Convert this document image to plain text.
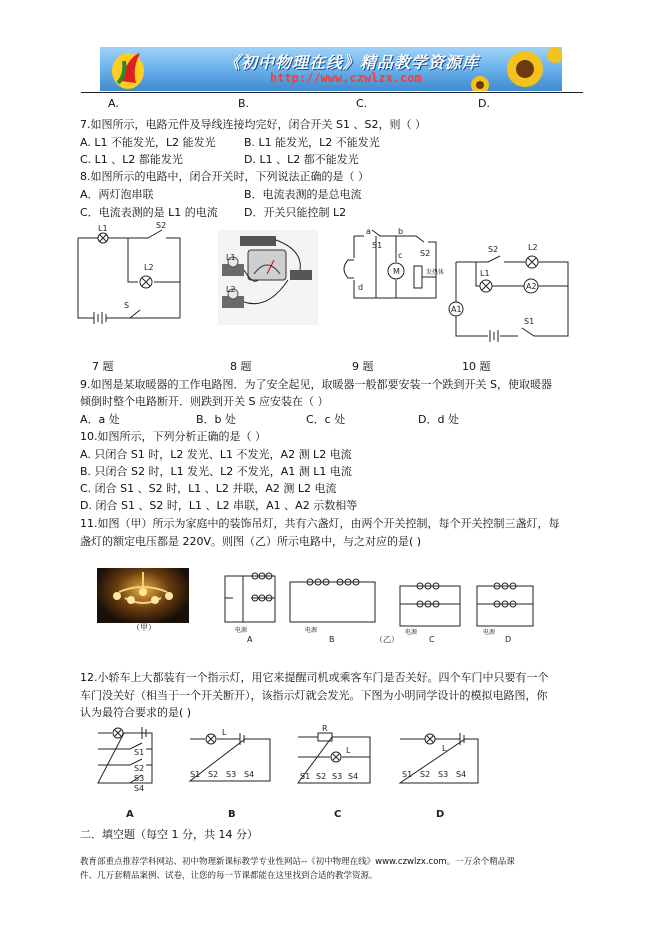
《初中物理在线》精品教学资源库
http://www.czwlzx.com
A.	B.	C.	D.
7.如图所示，电路元件及导线连接均完好，闭合开关 S1 、S2，则（ ）
A. L1 不能发光，L2 能发光	B. L1 能发光，L2 不能发光
C. L1 、L2 都能发光	D. L1 、L2 都不能发光
8.如图所示的电路中，闭合开关时，下列说法正确的是（ ）
A．两灯泡串联	B．电流表测的是总电流
C．电流表测的是 L1 的电流 D．开关只能控制 L2
L1
L2
S2
S
L1
L2
M
a	b
S1
S2
c
d
发热体
S2	L2
L1
A2
A1
S1
7 题	8 题	9 题	10 题
9.如图是某取暖器的工作电路图．为了安全起见，取暖器一般都要安装一个跌到开关 S，使取暖器
倾倒时整个电路断开．则跌到开关 S 应安装在（ ）
A．a 处	B．b 处	C．c 处	D．d 处
10.如图所示，下列分析正确的是（ ）
A. 只闭合 S1 时，L2 发光、L1 不发光，A2 测 L2 电流
B. 只闭合 S2 时，L1 发光、L2 不发光，A1 测 L1 电流
C. 闭合 S1 、S2 时，L1 、L2 并联，A2 测 L2 电流
D. 闭合 S1 、S2 时，L1 、L2 串联，A1 、A2 示数相等
11.如图（甲）所示为家庭中的装饰吊灯，共有六盏灯，由两个开关控制，每个开关控制三盏灯，每
盏灯的额定电压都是 220V。则图（乙）所示电路中，与之对应的是( )
（甲）	电源	电源	电源	电源
A	B	（乙）	C	D
12.小轿车上大都装有一个指示灯，用它来提醒司机或乘客车门是否关好。四个车门中只要有一个
车门没关好（相当于一个开关断开），该指示灯就会发光。下图为小明同学设计的模拟电路图，你
认为最符合要求的是( )
S1
S2
S3
S4
L
S1 S2 S3 S4
R
L
S1 S2 S3 S4
L
S1 S2 S3 S4
A	B	C	D
二．填空题（每空 1 分，共 14 分）
教育部重点推荐学科网站、初中物理新课标教学专业性网站--《初中物理在线》www.czwlzx.com。一万余个精品课
件、几万套精品案例、试卷，让您的每一节课都能在这里找到合适的教学资源。
